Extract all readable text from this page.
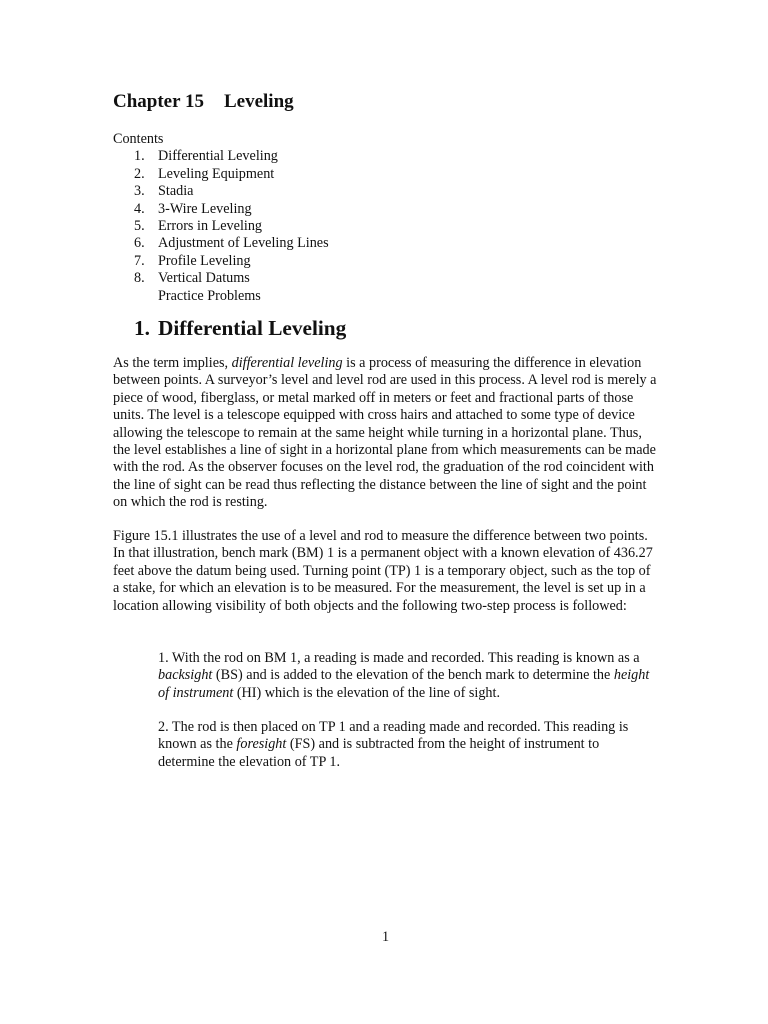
Chapter 15 Leveling

Contents

1. Differential Leveling
2. Leveling Equipment
3. Stadia
4. 3-Wire Leveling
5. Errors in Leveling
6. Adjustment of Leveling Lines
7. Profile Leveling
8. Vertical Datums
Practice Problems
1. Differential Leveling

As the term implies, differential leveling is a process of measuring the difference in elevation between points. A surveyor’s level and level rod are used in this process. A level rod is merely a piece of wood, fiberglass, or metal marked off in meters or feet and fractional parts of those units. The level is a telescope equipped with cross hairs and attached to some type of device allowing the telescope to remain at the same height while turning in a horizontal plane. Thus, the level establishes a line of sight in a horizontal plane from which measurements can be made with the rod. As the observer focuses on the level rod, the graduation of the rod coincident with the line of sight can be read thus reflecting the distance between the line of sight and the point on which the rod is resting.

Figure 15.1 illustrates the use of a level and rod to measure the difference between two points. In that illustration, bench mark (BM) 1 is a permanent object with a known elevation of 436.27 feet above the datum being used. Turning point (TP) 1 is a temporary object, such as the top of a stake, for which an elevation is to be measured. For the measurement, the level is set up in a location allowing visibility of both objects and the following two-step process is followed:

1. With the rod on BM 1, a reading is made and recorded. This reading is known as a backsight (BS) and is added to the elevation of the bench mark to determine the height of instrument (HI) which is the elevation of the line of sight.

2. The rod is then placed on TP 1 and a reading made and recorded. This reading is known as the foresight (FS) and is subtracted from the height of instrument to determine the elevation of TP 1.

1
